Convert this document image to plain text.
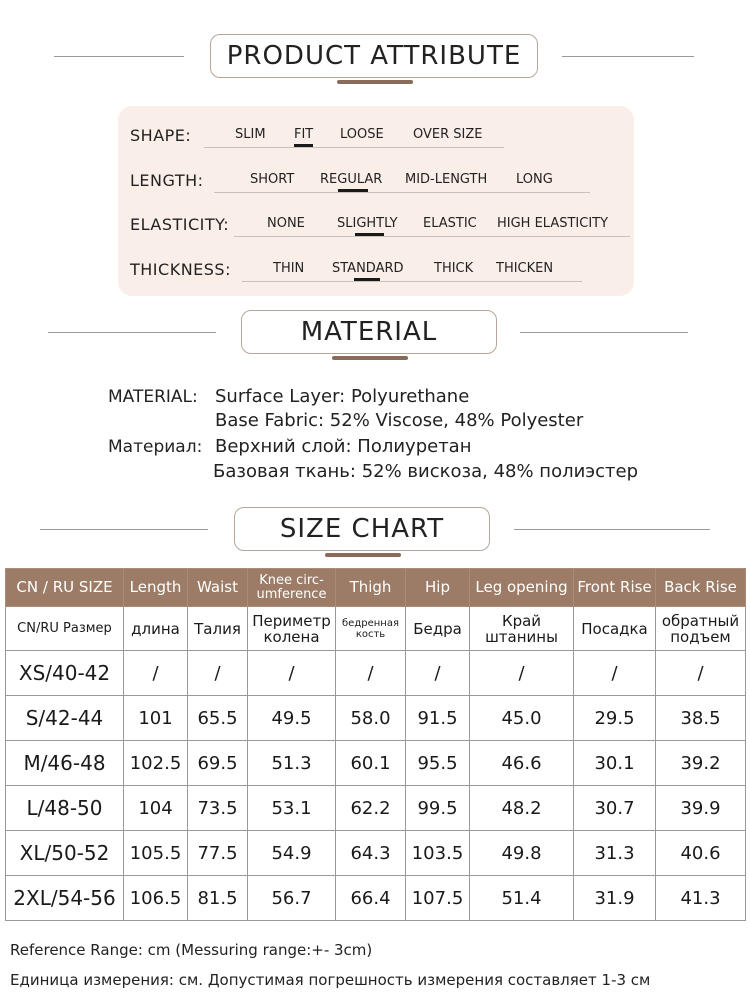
PRODUCT ATTRIBUTE
SHAPE:	SLIM FIT LOOSE OVER SIZE
LENGTH:	SHORT REGULAR MID-LENGTH LONG
ELASTICITY:	NONE SLIGHTLY ELASTIC HIGH ELASTICITY
THICKNESS:	THIN STANDARD THICK THICKEN
MATERIAL
MATERIAL: Surface Layer: Polyurethane
Base Fabric: 52% Viscose, 48% Polyester
Материал: Верхний слой: Полиуретан
Базовая ткань: 52% вискоза, 48% полиэстер
SIZE CHART
CN / RU SIZE	Length	Waist	Knee circ-umference	Thigh	Hip	Leg opening	Front Rise	Back Rise
CN/RU Размер	длина	Талия	Периметр колена	бедренная кость	Бедра	Край штанины	Посадка	обратный подъем
XS/40-42	/	/	/	/	/	/	/	/
S/42-44	101	65.5	49.5	58.0	91.5	45.0	29.5	38.5
M/46-48	102.5	69.5	51.3	60.1	95.5	46.6	30.1	39.2
L/48-50	104	73.5	53.1	62.2	99.5	48.2	30.7	39.9
XL/50-52	105.5	77.5	54.9	64.3	103.5	49.8	31.3	40.6
2XL/54-56	106.5	81.5	56.7	66.4	107.5	51.4	31.9	41.3
Reference Range: cm (Messuring range:+- 3cm)
Единица измерения: см. Допустимая погрешность измерения составляет 1-3 см
